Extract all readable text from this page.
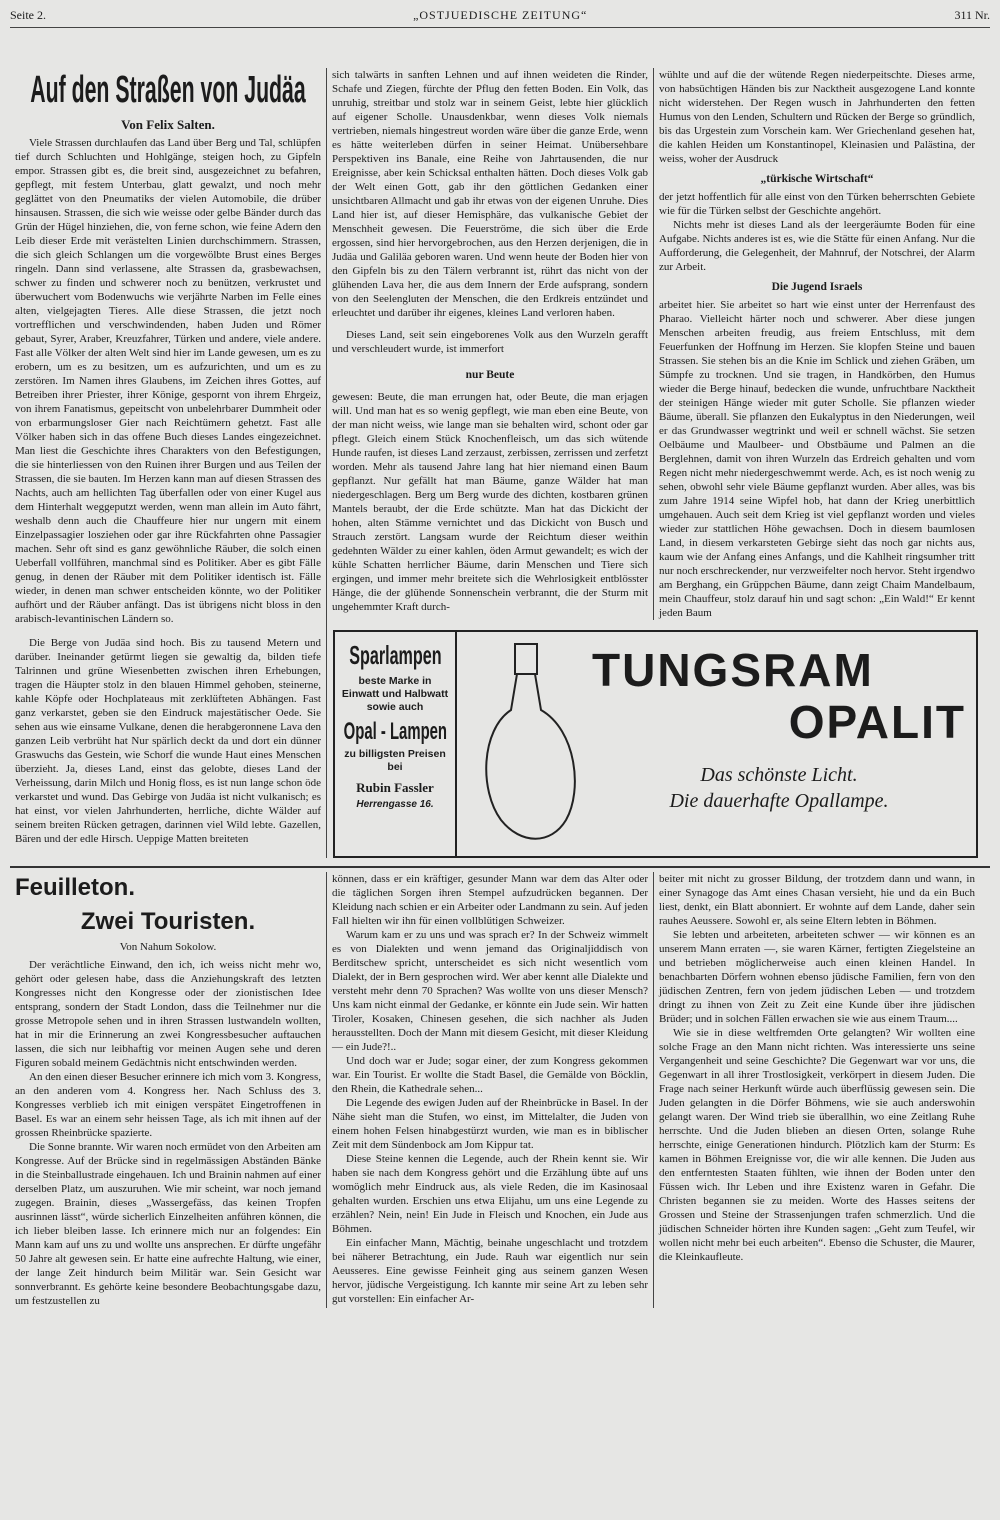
Seite 2.	„OSTJUEDISCHE ZEITUNG“	311 Nr.
Auf den Straßen von Judäa
Von Felix Salten.

Viele Strassen durchlaufen das Land über Berg und Tal, schlüpfen tief durch Schluchten und Hohlgänge, steigen hoch, zu Gipfeln empor. Strassen gibt es, die breit sind, ausgezeichnet zu befahren, gepflegt, mit festem Unterbau, glatt gewalzt, und noch mehr geglättet von den Pneumatiks der vielen Automobile, die drüber hinsausen. Strassen, die sich wie weisse oder gelbe Bänder durch das Grün der Hügel hinziehen, die, von ferne schon, wie feine Adern den Leib dieser Erde mit verästelten Linien durchschimmern. Strassen, die sich gleich Schlangen um die vorgewölbte Brust eines Berges ringeln. Dann sind verlassene, alte Strassen da, grasbewachsen, schwer zu finden und schwerer noch zu benützen, verkrustet und überwuchert vom Bodenwuchs wie verjährte Narben im Felle eines alten, vielgejagten Tieres. Alle diese Strassen, die jetzt noch vortrefflichen und verschwindenden, haben Juden und Römer gebaut, Syrer, Araber, Kreuzfahrer, Türken und andere, viele andere. Fast alle Völker der alten Welt sind hier im Lande gewesen, um es zu erobern, um es zu besitzen, um es aufzurichten, und um es zu zerstören. Im Namen ihres Glaubens, im Zeichen ihres Gottes, auf Betreiben ihrer Priester, ihrer Könige, gespornt von ihrem Ehrgeiz, von ihrem Fanatismus, gepeitscht von unbelehrbarer Dummheit oder von erbarmungsloser Gier nach Reichtümern gehetzt. Fast alle Völker haben sich in das offene Buch dieses Landes eingezeichnet. Man liest die Geschichte ihres Charakters von den Befestigungen, die sie hinterliessen von den Ruinen ihrer Burgen und aus Teilen der Strassen, die sie bauten. Im Herzen kann man auf diesen Strassen des Nachts, auch am hellichten Tag überfallen oder von einer Kugel aus dem Hinterhalt weggeputzt werden, wenn man allein im Auto fährt, weshalb denn auch die Chauffeure hier nur ungern mit einem Einzelpassagier losziehen oder gar ihre Rückfahrten ohne Passagier machen. Sehr oft sind es ganz gewöhnliche Räuber, die solch einen Ueberfall vollführen, manchmal sind es Politiker. Aber es gibt Fälle genug, in denen der Räuber mit dem Politiker identisch ist. Fälle wieder, in denen man schwer entscheiden könnte, wo der Politiker aufhört und der Räuber anfängt. Das ist übrigens nicht bloss in den arabisch-levantinischen Ländern so.

Die Berge von Judäa sind hoch. Bis zu tausend Metern und darüber. Ineinander getürmt liegen sie gewaltig da, bilden tiefe Talrinnen und grüne Wiesenbetten zwischen ihren Erhebungen, tragen die Häupter stolz in den blauen Himmel gehoben, steinerne, kahle Köpfe oder Hochplateaus mit zerklüfteten Abhängen. Fast ganz verkarstet, geben sie den Eindruck majestätischer Oede. Sie sehen aus wie einsame Vulkane, denen die herabgeronnene Lava den ganzen Leib verbrüht hat Nur spärlich deckt da und dort ein dünner Graswuchs das Gestein, wie Schorf die wunde Haut eines Menschen überzieht. Ja, dieses Land, einst das gelobte, dieses Land der Verheissung, darin Milch und Honig floss, es ist nun lange schon öde verkarstet und wund. Das Gebirge von Judäa ist nicht vulkanisch; es hat einst, vor vielen Jahrhunderten, herrliche, dichte Wälder auf seinem breiten Rücken getragen, darinnen viel Wild lebte. Gazellen, Bären und der edle Hirsch. Ueppige Matten breiteten

sich talwärts in sanften Lehnen und auf ihnen weideten die Rinder, Schafe und Ziegen, fürchte der Pflug den fetten Boden. Ein Volk, das unruhig, streitbar und stolz war in seinem Geist, lebte hier glücklich auf eigener Scholle. Unausdenkbar, wenn dieses Volk niemals vertrieben, niemals hingestreut worden wäre über die ganze Erde, wenn es hätte weiterleben dürfen in seiner Heimat. Unübersehbare Perspektiven ins Banale, eine Reihe von Jahrtausenden, die nur Ereignisse, aber kein Schicksal enthalten hätten. Doch dieses Volk gab der Welt einen Gott, gab ihr den göttlichen Gedanken einer unsichtbaren Allmacht und gab ihr etwas von der eigenen Unruhe. Dies Land hier ist, auf dieser Hemisphäre, das vulkanische Gebiet der Menschheit gewesen. Die Feuerströme, die sich über die Erde ergossen, sind hier hervorgebrochen, aus den Herzen derjenigen, die in Judäa und Galiläa geboren waren. Und wenn heute der Boden hier von den Gipfeln bis zu den Tälern verbrannt ist, rührt das nicht von der glühenden Lava her, die aus dem Innern der Erde aufsprang, sondern von den Seelengluten der Menschen, die den Erdkreis entzündet und erleuchtet und darüber ihr eigenes, kleines Land verloren haben.

Dieses Land, seit sein eingeborenes Volk aus den Wurzeln gerafft und verschleudert wurde, ist immerfort

nur Beute

gewesen: Beute, die man errungen hat, oder Beute, die man erjagen will. Und man hat es so wenig gepflegt, wie man eben eine Beute, von der man nicht weiss, wie lange man sie behalten wird, schont oder gar pflegt. Gleich einem Stück Knochenfleisch, um das sich wütende Hunde raufen, ist dieses Land zerzaust, zerbissen, zerrissen und zerfetzt worden. Mehr als tausend Jahre lang hat hier niemand einen Baum gepflanzt. Nur gefällt hat man Bäume, ganze Wälder hat man niedergeschlagen. Berg um Berg wurde des dichten, kostbaren grünen Mantels beraubt, der die Erde schützte. Man hat das Dickicht der hohen, alten Stämme vernichtet und das Dickicht von Busch und Strauch zerstört. Langsam wurde der Reichtum dieser weithin gedehnten Wälder zu einer kahlen, öden Armut gewandelt; es wich der kühle Schatten herrlicher Bäume, darin Menschen und Tiere sich ergingen, und immer mehr breitete sich die Wehrlosigkeit entblösster Hänge, die der glühende Sonnenschein verbrannt, die der Sturm mit ungehemmter Kraft durch-

wühlte und auf die der wütende Regen niederpeitschte. Dieses arme, von habsüchtigen Händen bis zur Nacktheit ausgezogene Land konnte nicht widerstehen. Der Regen wusch in Jahrhunderten den fetten Humus von den Lenden, Schultern und Rücken der Berge so gründlich, bis das Urgestein zum Vorschein kam. Wer Griechenland gesehen hat, die kahlen Heiden um Konstantinopel, Kleinasien und Palästina, der weiss, woher der Ausdruck

„türkische Wirtschaft“

der jetzt hoffentlich für alle einst von den Türken beherrschten Gebiete wie für die Türken selbst der Geschichte angehört.

Nichts mehr ist dieses Land als der leergeräumte Boden für eine Aufgabe. Nichts anderes ist es, wie die Stätte für einen Anfang. Nur die Aufforderung, die Gelegenheit, der Mahnruf, der Notschrei, der Alarm zur Arbeit.

Die Jugend Israels

arbeitet hier. Sie arbeitet so hart wie einst unter der Herrenfaust des Pharao. Vielleicht härter noch und schwerer. Aber diese jungen Menschen arbeiten freudig, aus freiem Entschluss, mit dem Feuerfunken der Hoffnung im Herzen. Sie klopfen Steine und bauen Strassen. Sie stehen bis an die Knie im Schlick und ziehen Gräben, um Sümpfe zu trocknen. Und sie tragen, in Handkörben, den Humus wieder die Berge hinauf, bedecken die wunde, unfruchtbare Nacktheit der steinigen Hänge wieder mit guter Scholle. Sie pflanzen wieder Bäume, überall. Sie pflanzen den Eukalyptus in den Niederungen, weil er das Grundwasser wegtrinkt und weil er schnell wächst. Sie setzen Oelbäume und Maulbeer- und Obstbäume und Palmen an die Berglehnen, damit von ihren Wurzeln das Erdreich gehalten und vom Regen nicht mehr niedergeschwemmt werde. Ach, es ist noch wenig zu sehen, obwohl sehr viele Bäume gepflanzt wurden. Aber alles, was bis zum Jahre 1914 seine Wipfel hob, hat dann der Krieg unerbittlich umgehauen. Auch seit dem Krieg ist viel gepflanzt worden und vieles wieder zur stattlichen Höhe gewachsen. Doch in diesem baumlosen Land, in diesem verkarsteten Gebirge sieht das noch gar nichts aus, kaum wie der Anfang eines Anfangs, und die Kahlheit ringsumher tritt nur noch erschreckender, nur verzweifelter noch hervor. Steht irgendwo am Berghang, ein Grüppchen Bäume, dann zeigt Chaim Mandelbaum, mein Chauffeur, stolz darauf hin und sagt schon: „Ein Wald!“ Er kennt jeden Baum

Sparlampen
beste Marke in Einwatt und Halbwatt sowie auch
Opal - Lampen
zu billigsten Preisen bei
Rubin Fassler
Herrengasse 16.
TUNGSRAM
OPALIT
Das schönste Licht.
Die dauerhafte Opallampe.
Feuilleton.
Zwei Touristen.
Von Nahum Sokolow.

Der verächtliche Einwand, den ich, ich weiss nicht mehr wo, gehört oder gelesen habe, dass die Anziehungskraft des letzten Kongresses nicht den Kongresse oder der zionistischen Idee entsprang, sondern der Stadt London, dass die Teilnehmer nur die grosse Metropole sehen und in ihren Strassen lustwandeln wollten, hat in mir die Erinnerung an zwei Kongressbesucher auftauchen lassen, die sich nur leibhaftig vor meinen Augen sehe und deren Figuren sobald meinem Gedächtnis nicht entschwinden werden.

An den einen dieser Besucher erinnere ich mich vom 3. Kongress, an den anderen vom 4. Kongress her. Nach Schluss des 3. Kongresses verblieb ich mit einigen verspätet Eingetroffenen in Basel. Es war an einem sehr heissen Tage, als ich mit ihnen auf der grossen Rheinbrücke spazierte.

Die Sonne brannte. Wir waren noch ermüdet von den Arbeiten am Kongresse. Auf der Brücke sind in regelmässigen Abständen Bänke in die Steinballustrade eingehauen. Ich und Brainin nahmen auf einer derselben Platz, um auszuruhen. Wie mir scheint, war noch jemand zugegen. Brainin, dieses „Wassergefäss, das keinen Tropfen ausrinnen lässt“, würde sicherlich Einzelheiten anführen können, die ich lieber bleiben lasse. Ich erinnere mich nur an folgendes: Ein Mann kam auf uns zu und wollte uns ansprechen. Er dürfte ungefähr 50 Jahre alt gewesen sein. Er hatte eine aufrechte Haltung, wie einer, der lange Zeit hindurch beim Militär war. Sein Gesicht war sonnverbrannt. Es gehörte keine besondere Beobachtungsgabe dazu, um festzustellen zu

können, dass er ein kräftiger, gesunder Mann war dem das Alter oder die täglichen Sorgen ihren Stempel aufzudrücken begannen. Der Kleidung nach schien er ein Arbeiter oder Landmann zu sein. Auf jeden Fall hielten wir ihn für einen vollblütigen Schweizer.

Warum kam er zu uns und was sprach er? In der Schweiz wimmelt es von Dialekten und wenn jemand das Originaljiddisch von Berditschew spricht, unterscheidet es sich nicht wesentlich vom Dialekt, der in Bern gesprochen wird. Wer aber kennt alle Dialekte und versteht mehr denn 70 Sprachen? Was wollte von uns dieser Mensch? Uns kam nicht einmal der Gedanke, er könnte ein Jude sein. Wir hatten Tiroler, Kosaken, Chinesen gesehen, die sich nachher als Juden herausstellten. Doch der Mann mit diesem Gesicht, mit dieser Kleidung — ein Jude?!..

Und doch war er Jude; sogar einer, der zum Kongress gekommen war. Ein Tourist. Er wollte die Stadt Basel, die Gemälde von Böcklin, den Rhein, die Kathedrale sehen...

Die Legende des ewigen Juden auf der Rheinbrücke in Basel. In der Nähe sieht man die Stufen, wo einst, im Mittelalter, die Juden von einem hohen Felsen hinabgestürzt wurden, wie man es in biblischer Zeit mit dem Sündenbock am Jom Kippur tat.

Diese Steine kennen die Legende, auch der Rhein kennt sie. Wir haben sie nach dem Kongress gehört und die Erzählung übte auf uns womöglich mehr Eindruck aus, als viele Reden, die im Kasinosaal gehalten wurden. Erschien uns etwa Elijahu, um uns eine Legende zu erzählen? Nein, nein! Ein Jude in Fleisch und Knochen, ein Jude aus Böhmen.

Ein einfacher Mann, Mächtig, beinahe ungeschlacht und trotzdem bei näherer Betrachtung, ein Jude. Rauh war eigentlich nur sein Aeusseres. Eine gewisse Feinheit ging aus seinem ganzen Wesen hervor, jüdische Vergeistigung. Ich kannte mir seine Art zu leben sehr gut vorstellen: Ein einfacher Ar-

beiter mit nicht zu grosser Bildung, der trotzdem dann und wann, in einer Synagoge das Amt eines Chasan versieht, hie und da ein Buch liest, denkt, ein Blatt abonniert. Er wohnte auf dem Lande, daher sein rauhes Aeussere. Sowohl er, als seine Eltern lebten in Böhmen.

Sie lebten und arbeiteten, arbeiteten schwer — wir können es an unserem Mann erraten —, sie waren Kärner, fertigten Ziegelsteine an und betrieben möglicherweise auch einen kleinen Handel. In benachbarten Dörfern wohnen ebenso jüdische Familien, fern von den jüdischen Zentren, fern von jedem jüdischen Leben — und trotzdem dringt zu ihnen von Zeit zu Zeit eine Kunde über ihre jüdischen Brüder; und in solchen Fällen erwachen sie wie aus einem Traum....

Wie sie in diese weltfremden Orte gelangten? Wir wollten eine solche Frage an den Mann nicht richten. Was interessierte uns seine Vergangenheit und seine Geschichte? Die Gegenwart war vor uns, die Gegenwart in all ihrer Trostlosigkeit, verkörpert in diesem Juden. Die Frage nach seiner Herkunft würde auch überflüssig gewesen sein. Die Juden gelangten in die Dörfer Böhmens, wie sie auch anderswohin gelangt waren. Der Wind trieb sie überallhin, wo eine Zeitlang Ruhe herrschte. Und die Juden blieben an diesen Orten, solange Ruhe herrschte, einige Generationen hindurch. Plötzlich kam der Sturm: Es kamen in Böhmen Ereignisse vor, die wir alle kennen. Die Juden aus den entferntesten Staaten fühlten, wie ihnen der Boden unter den Füssen wich. Ihr Leben und ihre Existenz waren in Gefahr. Die Christen begannen sie zu meiden. Worte des Hasses seitens der Grossen und Steine der Strassenjungen trafen schmerzlich. Und die jüdischen Schneider hörten ihre Kunden sagen: „Geht zum Teufel, wir wollen nicht mehr bei euch arbeiten“. Ebenso die Schuster, die Maurer, die Kleinkaufleute.
